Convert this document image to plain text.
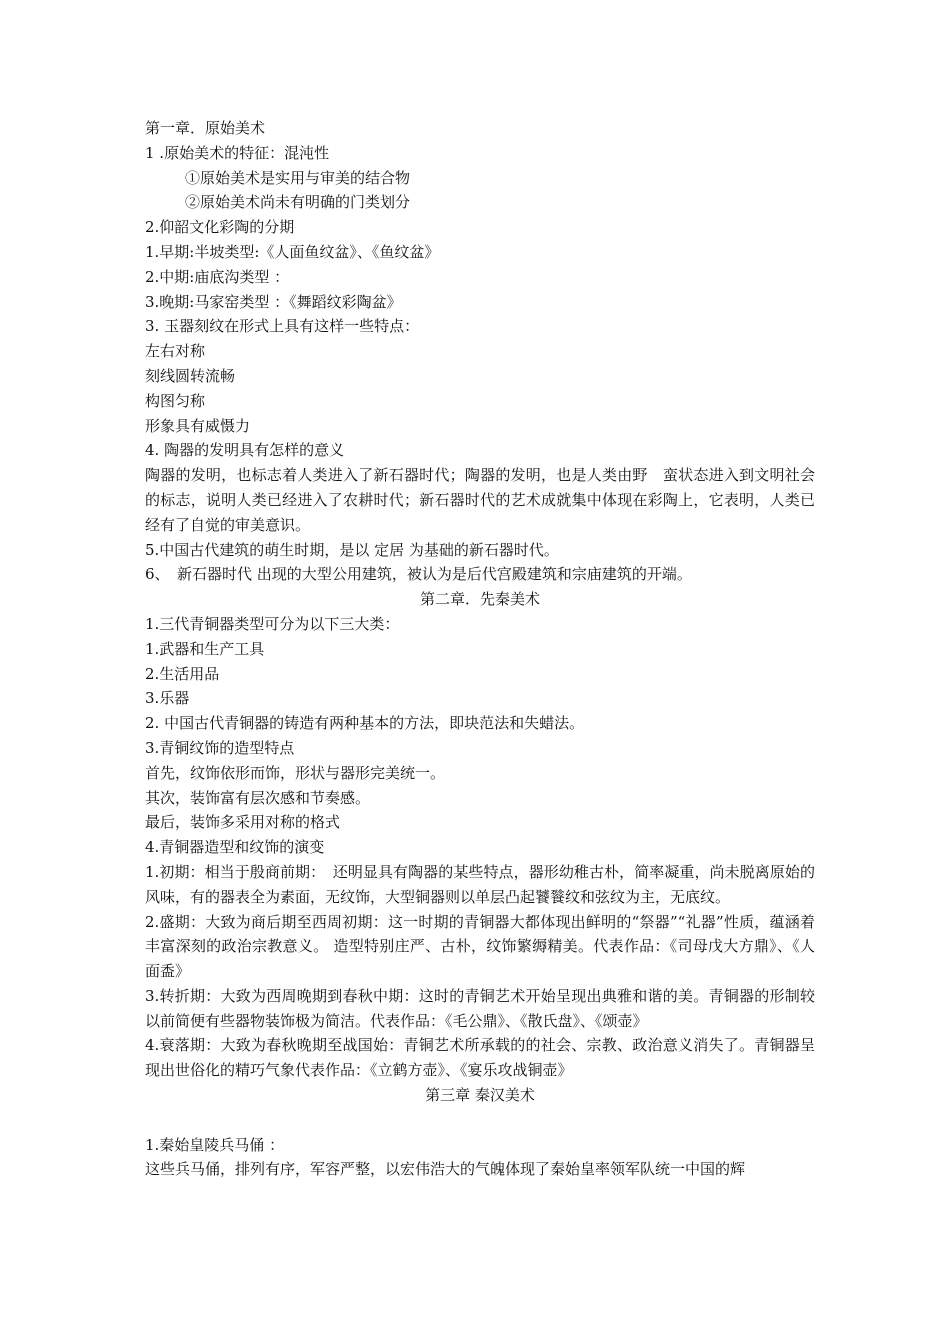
第一章．原始美术
1 .原始美术的特征：混沌性
①原始美术是实用与审美的结合物
②原始美术尚未有明确的门类划分
2.仰韶文化彩陶的分期
1.早期:半坡类型:《人面鱼纹盆》、《鱼纹盆》
2.中期:庙底沟类型 ：
3.晚期:马家窑类型 ：《舞蹈纹彩陶盆》
3. 玉器刻纹在形式上具有这样一些特点：
左右对称
刻线圆转流畅
构图匀称
形象具有威慑力
4. 陶器的发明具有怎样的意义

陶器的发明，也标志着人类进入了新石器时代；陶器的发明，也是人类由野　蛮状态进入到文明社会的标志，说明人类已经进入了农耕时代；新石器时代的艺术成就集中体现在彩陶上，它表明，人类已经有了自觉的审美意识。

5.中国古代建筑的萌生时期，是以 定居 为基础的新石器时代。
6、　新石器时代 出现的大型公用建筑，被认为是后代宫殿建筑和宗庙建筑的开端。
第二章．先秦美术
1.三代青铜器类型可分为以下三大类：
1.武器和生产工具
2.生活用品
3.乐器
2. 中国古代青铜器的铸造有两种基本的方法，即块范法和失蜡法。
3.青铜纹饰的造型特点
首先，纹饰依形而饰，形状与器形完美统一。
其次，装饰富有层次感和节奏感。
最后，装饰多采用对称的格式
4.青铜器造型和纹饰的演变

1.初期：相当于殷商前期：　还明显具有陶器的某些特点，器形幼稚古朴，简率凝重，尚未脱离原始的风味，有的器表全为素面，无纹饰，大型铜器则以单层凸起饕餮纹和弦纹为主，无底纹。

2.盛期：大致为商后期至西周初期：这一时期的青铜器大都体现出鲜明的“祭器”“礼器”性质，蕴涵着丰富深刻的政治宗教意义。 造型特别庄严、古朴，纹饰繁缛精美。代表作品：《司母戊大方鼎》、《人面盉》

3.转折期：大致为西周晚期到春秋中期：这时的青铜艺术开始呈现出典雅和谐的美。青铜器的形制较以前简便有些器物装饰极为简洁。代表作品：《毛公鼎》、《散氏盘》、《颂壶》

4.衰落期：大致为春秋晚期至战国始：青铜艺术所承载的的社会、宗教、政治意义消失了。青铜器呈现出世俗化的精巧气象代表作品：《立鹤方壶》、《宴乐攻战铜壶》

第三章 秦汉美术
1.秦始皇陵兵马俑 ：
这些兵马俑，排列有序，军容严整，以宏伟浩大的气魄体现了秦始皇率领军队统一中国的辉
